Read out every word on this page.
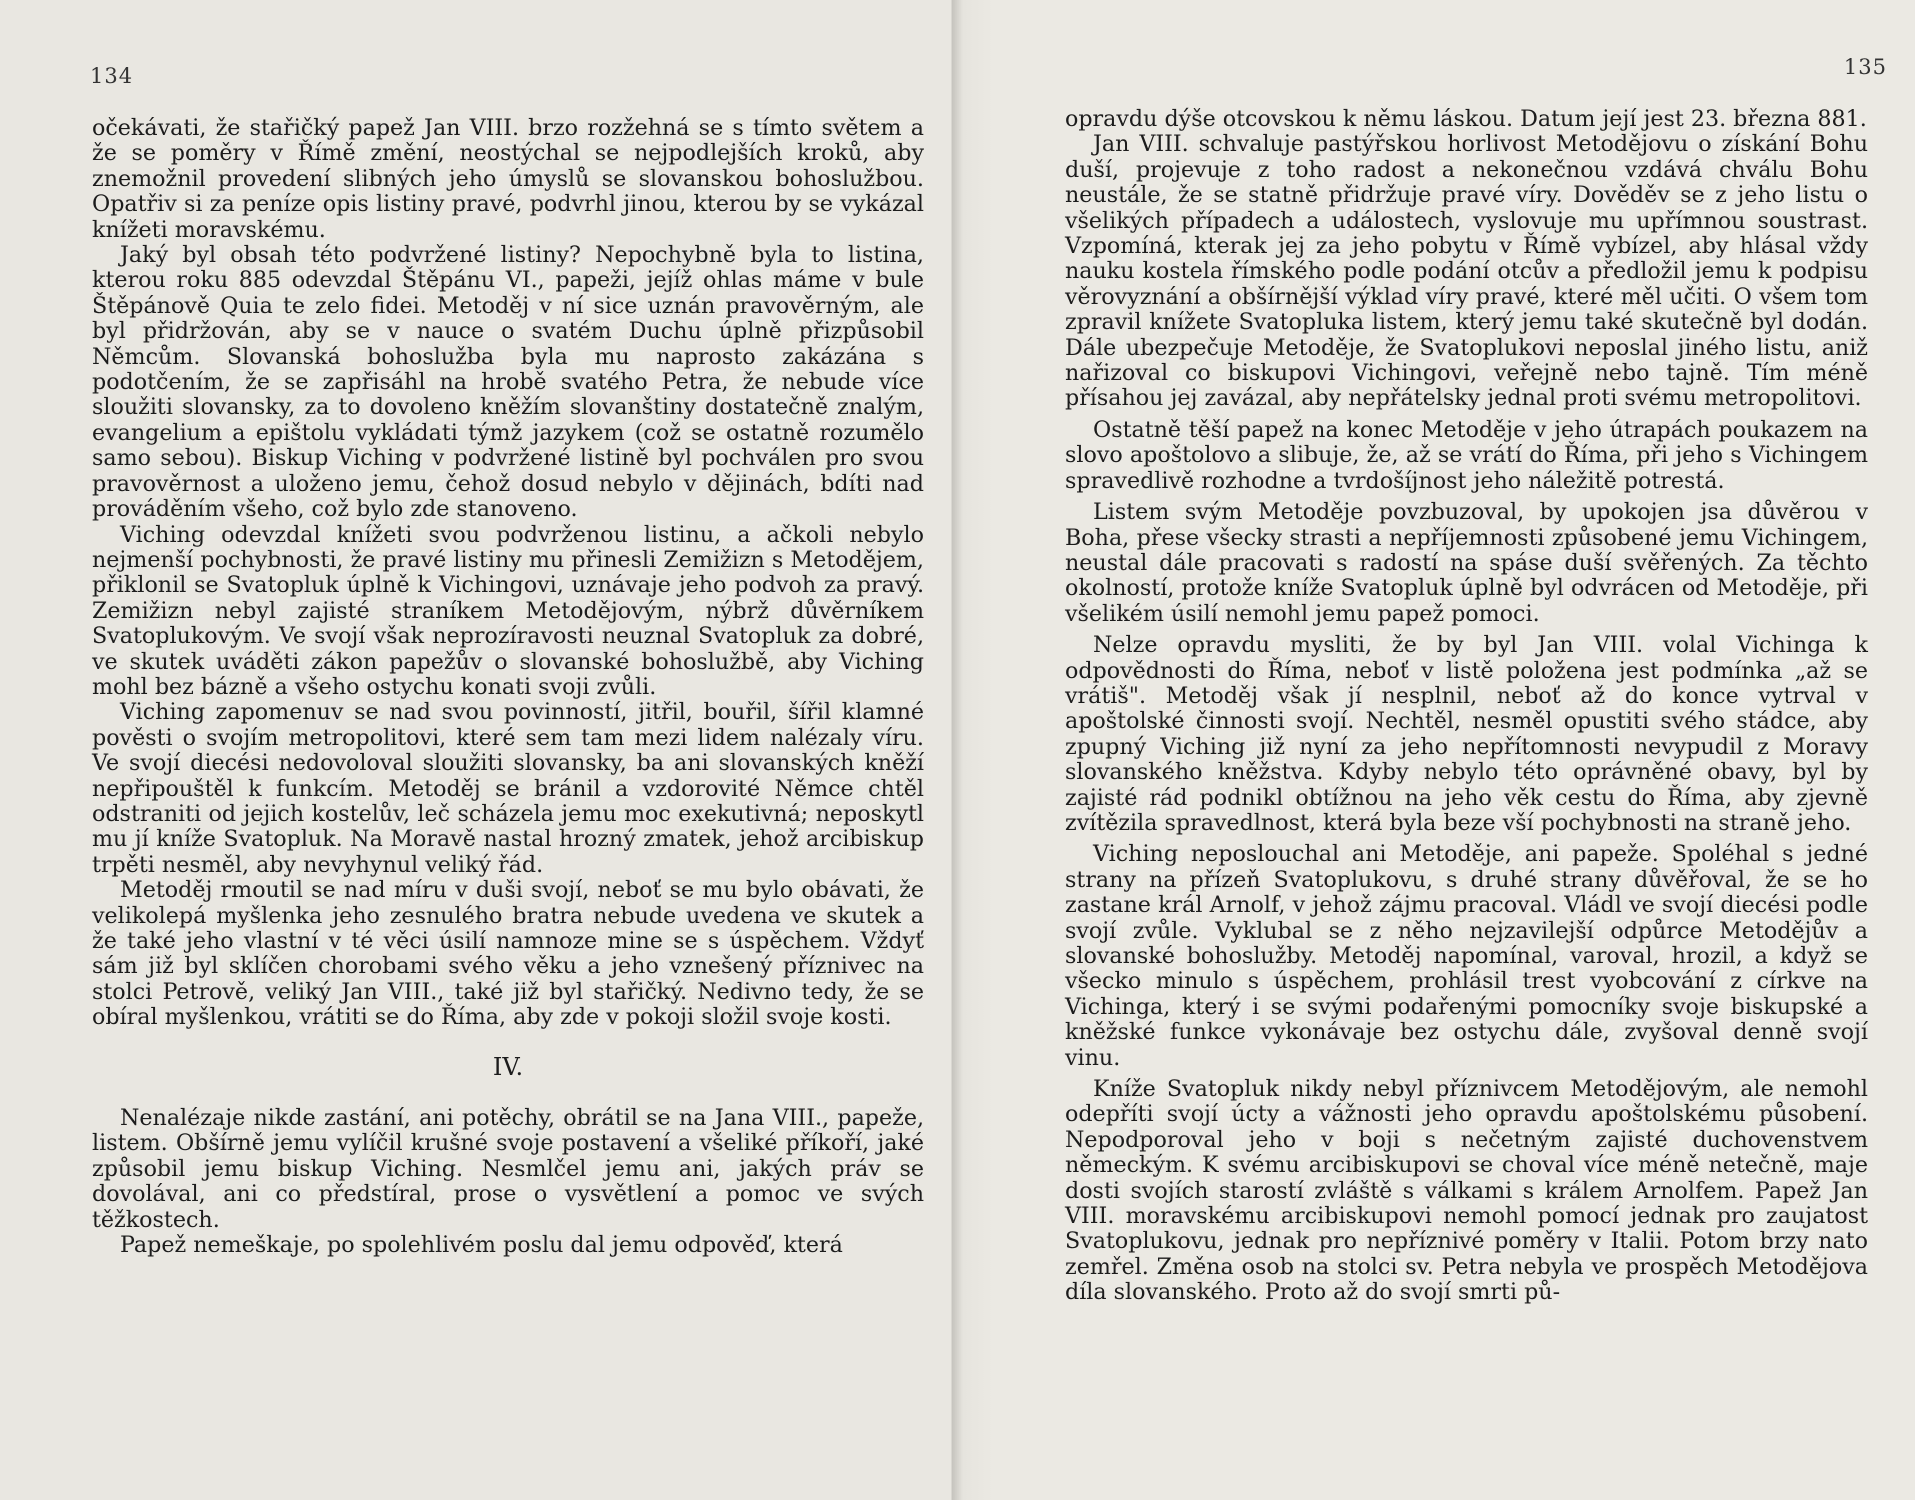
134

očekávati, že stařičký papež Jan VIII. brzo rozžehná se s tímto světem a že se poměry v Římě změní, neostýchal se nejpodlejších kroků, aby znemožnil provedení slibných jeho úmyslů se slovanskou bohoslužbou. Opatřiv si za peníze opis listiny pravé, podvrhl jinou, kterou by se vykázal knížeti moravskému.

Jaký byl obsah této podvržené listiny? Nepochybně byla to listina, kterou roku 885 odevzdal Štěpánu VI., papeži, jejíž ohlas máme v bule Štěpánově Quia te zelo fidei. Metoděj v ní sice uznán pravověrným, ale byl přidržován, aby se v nauce o svatém Duchu úplně přizpůsobil Němcům. Slovanská bohoslužba byla mu naprosto zakázána s podotčením, že se zapřisáhl na hrobě svatého Petra, že nebude více sloužiti slovansky, za to dovoleno kněžím slovanštiny dostatečně znalým, evangelium a epištolu vykládati týmž jazykem (což se ostatně rozumělo samo sebou). Biskup Viching v podvržené listině byl pochválen pro svou pravověrnost a uloženo jemu, čehož dosud nebylo v dějinách, bdíti nad prováděním všeho, což bylo zde stanoveno.

Viching odevzdal knížeti svou podvrženou listinu, a ačkoli nebylo nejmenší pochybnosti, že pravé listiny mu přinesli Zemižizn s Metodějem, přiklonil se Svatopluk úplně k Vichingovi, uznávaje jeho podvoh za pravý. Zemižizn nebyl zajisté straníkem Metodějovým, nýbrž důvěrníkem Svatoplukovým. Ve svojí však neprozíravosti neuznal Svatopluk za dobré, ve skutek uváděti zákon papežův o slovanské bohoslužbě, aby Viching mohl bez bázně a všeho ostychu konati svoji zvůli.

Viching zapomenuv se nad svou povinností, jitřil, bouřil, šířil klamné pověsti o svojím metropolitovi, které sem tam mezi lidem nalézaly víru. Ve svojí diecési nedovoloval sloužiti slovansky, ba ani slovanských kněží nepřipouštěl k funkcím. Metoděj se bránil a vzdorovité Němce chtěl odstraniti od jejich kostelův, leč scházela jemu moc exekutivná; neposkytl mu jí kníže Svatopluk. Na Moravě nastal hrozný zmatek, jehož arcibiskup trpěti nesměl, aby nevyhynul veliký řád.

Metoděj rmoutil se nad míru v duši svojí, neboť se mu bylo obávati, že velikolepá myšlenka jeho zesnulého bratra nebude uvedena ve skutek a že také jeho vlastní v té věci úsilí namnoze mine se s úspěchem. Vždyť sám již byl sklíčen chorobami svého věku a jeho vznešený příznivec na stolci Petrově, veliký Jan VIII., také již byl stařičký. Nedivno tedy, že se obíral myšlenkou, vrátiti se do Říma, aby zde v pokoji složil svoje kosti.

IV.

Nenalézaje nikde zastání, ani potěchy, obrátil se na Jana VIII., papeže, listem. Obšírně jemu vylíčil krušné svoje postavení a všeliké příkoří, jaké způsobil jemu biskup Viching. Nesmlčel jemu ani, jakých práv se dovolával, ani co předstíral, prose o vysvětlení a pomoc ve svých těžkostech.

Papež nemeškaje, po spolehlivém poslu dal jemu odpověď, která

135

opravdu dýše otcovskou k němu láskou. Datum její jest 23. března 881.

Jan VIII. schvaluje pastýřskou horlivost Metodějovu o získání Bohu duší, projevuje z toho radost a nekonečnou vzdává chválu Bohu neustále, že se statně přidržuje pravé víry. Dověděv se z jeho listu o všelikých případech a událostech, vyslovuje mu upřímnou soustrast. Vzpomíná, kterak jej za jeho pobytu v Římě vybízel, aby hlásal vždy nauku kostela římského podle podání otcův a předložil jemu k podpisu věrovyznání a obšírnější výklad víry pravé, které měl učiti. O všem tom zpravil knížete Svatopluka listem, který jemu také skutečně byl dodán. Dále ubezpečuje Metoděje, že Svatoplukovi neposlal jiného listu, aniž nařizoval co biskupovi Vichingovi, veřejně nebo tajně. Tím méně přísahou jej zavázal, aby nepřátelsky jednal proti svému metropolitovi.

Ostatně těší papež na konec Metoděje v jeho útrapách poukazem na slovo apoštolovo a slibuje, že, až se vrátí do Říma, při jeho s Vichingem spravedlivě rozhodne a tvrdošíjnost jeho náležitě potrestá.

Listem svým Metoděje povzbuzoval, by upokojen jsa důvěrou v Boha, přese všecky strasti a nepříjemnosti způsobené jemu Vichingem, neustal dále pracovati s radostí na spáse duší svěřených. Za těchto okolností, protože kníže Svatopluk úplně byl odvrácen od Metoděje, při všelikém úsilí nemohl jemu papež pomoci.

Nelze opravdu mysliti, že by byl Jan VIII. volal Vichinga k odpovědnosti do Říma, neboť v listě položena jest podmínka „až se vrátiš". Metoděj však jí nesplnil, neboť až do konce vytrval v apoštolské činnosti svojí. Nechtěl, nesměl opustiti svého stádce, aby zpupný Viching již nyní za jeho nepřítomnosti nevypudil z Moravy slovanského kněžstva. Kdyby nebylo této oprávněné obavy, byl by zajisté rád podnikl obtížnou na jeho věk cestu do Říma, aby zjevně zvítězila spravedlnost, která byla beze vší pochybnosti na straně jeho.

Viching neposlouchal ani Metoděje, ani papeže. Spoléhal s jedné strany na přízeň Svatoplukovu, s druhé strany důvěřoval, že se ho zastane král Arnolf, v jehož zájmu pracoval. Vládl ve svojí diecési podle svojí zvůle. Vyklubal se z něho nejzavilejší odpůrce Metodějův a slovanské bohoslužby. Metoděj napomínal, varoval, hrozil, a když se všecko minulo s úspěchem, prohlásil trest vyobcování z církve na Vichinga, který i se svými podařenými pomocníky svoje biskupské a kněžské funkce vykonávaje bez ostychu dále, zvyšoval denně svojí vinu.

Kníže Svatopluk nikdy nebyl příznivcem Metodějovým, ale nemohl odepříti svojí úcty a vážnosti jeho opravdu apoštolskému působení. Nepodporoval jeho v boji s nečetným zajisté duchovenstvem německým. K svému arcibiskupovi se choval více méně netečně, maje dosti svojích starostí zvláště s válkami s králem Arnolfem. Papež Jan VIII. moravskému arcibiskupovi nemohl pomocí jednak pro zaujatost Svatoplukovu, jednak pro nepříznivé poměry v Italii. Potom brzy nato zemřel. Změna osob na stolci sv. Petra nebyla ve prospěch Metodějova díla slovanského. Proto až do svojí smrti pů-
